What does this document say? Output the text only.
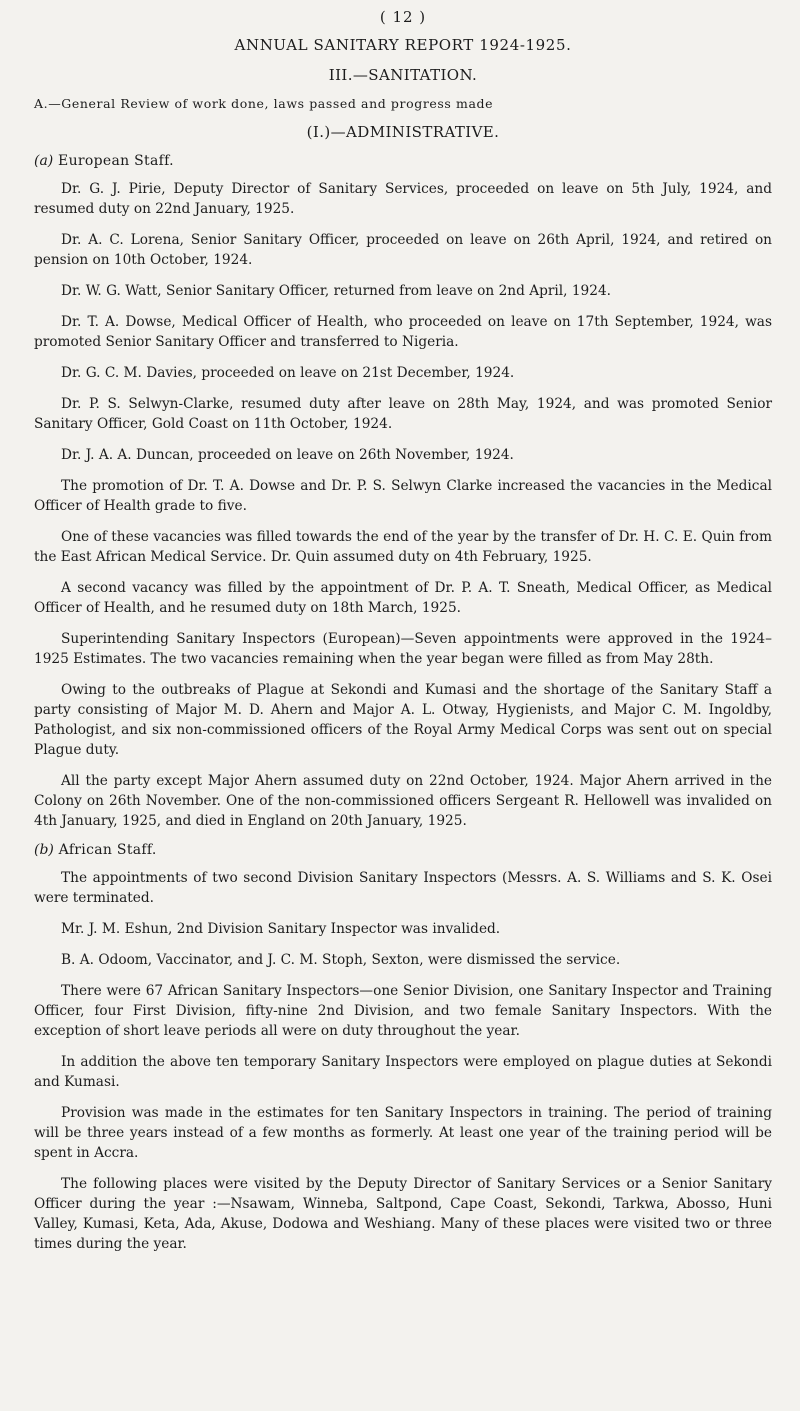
( 12 )
ANNUAL SANITARY REPORT 1924-1925.
III.—SANITATION.
A.—General Review of work done, laws passed and progress made
(I.)—ADMINISTRATIVE.
(a) European Staff.

Dr. G. J. Pirie, Deputy Director of Sanitary Services, proceeded on leave on 5th July, 1924, and resumed duty on 22nd January, 1925.

Dr. A. C. Lorena, Senior Sanitary Officer, proceeded on leave on 26th April, 1924, and retired on pension on 10th October, 1924.

Dr. W. G. Watt, Senior Sanitary Officer, returned from leave on 2nd April, 1924.

Dr. T. A. Dowse, Medical Officer of Health, who proceeded on leave on 17th September, 1924, was promoted Senior Sanitary Officer and transferred to Nigeria.

Dr. G. C. M. Davies, proceeded on leave on 21st December, 1924.

Dr. P. S. Selwyn-Clarke, resumed duty after leave on 28th May, 1924, and was promoted Senior Sanitary Officer, Gold Coast on 11th October, 1924.

Dr. J. A. A. Duncan, proceeded on leave on 26th November, 1924.

The promotion of Dr. T. A. Dowse and Dr. P. S. Selwyn Clarke increased the vacancies in the Medical Officer of Health grade to five.

One of these vacancies was filled towards the end of the year by the transfer of Dr. H. C. E. Quin from the East African Medical Service. Dr. Quin assumed duty on 4th February, 1925.

A second vacancy was filled by the appointment of Dr. P. A. T. Sneath, Medical Officer, as Medical Officer of Health, and he resumed duty on 18th March, 1925.

Superintending Sanitary Inspectors (European)—Seven appointments were approved in the 1924–1925 Estimates. The two vacancies remaining when the year began were filled as from May 28th.

Owing to the outbreaks of Plague at Sekondi and Kumasi and the shortage of the Sanitary Staff a party consisting of Major M. D. Ahern and Major A. L. Otway, Hygienists, and Major C. M. Ingoldby, Pathologist, and six non-commissioned officers of the Royal Army Medical Corps was sent out on special Plague duty.

All the party except Major Ahern assumed duty on 22nd October, 1924. Major Ahern arrived in the Colony on 26th November. One of the non-commissioned officers Sergeant R. Hellowell was invalided on 4th January, 1925, and died in England on 20th January, 1925.

(b) African Staff.

The appointments of two second Division Sanitary Inspectors (Messrs. A. S. Williams and S. K. Osei were terminated.

Mr. J. M. Eshun, 2nd Division Sanitary Inspector was invalided.

B. A. Odoom, Vaccinator, and J. C. M. Stoph, Sexton, were dismissed the service.

There were 67 African Sanitary Inspectors—one Senior Division, one Sanitary Inspector and Training Officer, four First Division, fifty-nine 2nd Division, and two female Sanitary Inspectors. With the exception of short leave periods all were on duty throughout the year.

In addition the above ten temporary Sanitary Inspectors were employed on plague duties at Sekondi and Kumasi.

Provision was made in the estimates for ten Sanitary Inspectors in training. The period of training will be three years instead of a few months as formerly. At least one year of the training period will be spent in Accra.

The following places were visited by the Deputy Director of Sanitary Services or a Senior Sanitary Officer during the year :—Nsawam, Winneba, Saltpond, Cape Coast, Sekondi, Tarkwa, Abosso, Huni Valley, Kumasi, Keta, Ada, Akuse, Dodowa and Weshiang. Many of these places were visited two or three times during the year.
